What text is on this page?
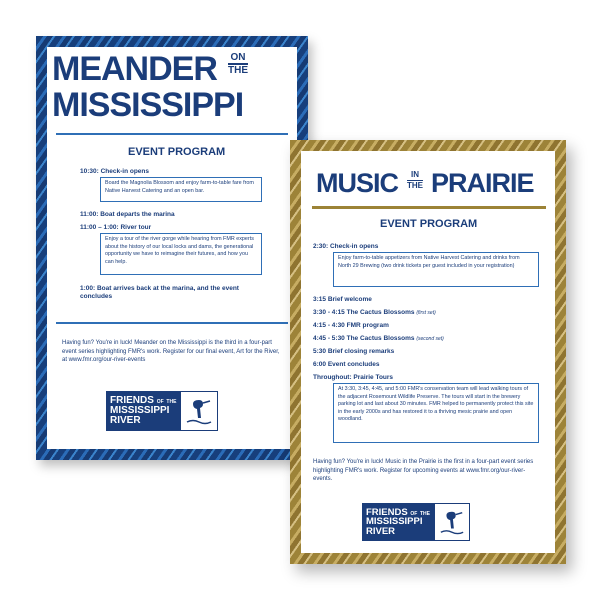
MEANDER ON
THE
MISSISSIPPI
EVENT PROGRAM
10:30: Check-in opens
Board the Magnolia Blossom and enjoy farm-to-table fare from Native Harvest Catering and an open bar.
11:00: Boat departs the marina
11:00 – 1:00: River tour
Enjoy a tour of the river gorge while hearing from FMR experts about the history of our local locks and dams, the generational opportunity we have to reimagine their futures, and how you can help.
1:00: Boat arrives back at the marina, and the event concludes
Having fun? You're in luck! Meander on the Mississippi is the third in a four-part event series highlighting FMR's work. Register for our final event, Art for the River, at www.fmr.org/our-river-events
FRIENDS OF THE
MISSISSIPPI
RIVER
MUSIC	IN
THE PRAIRIE
EVENT PROGRAM
2:30: Check-in opens
Enjoy farm-to-table appetizers from Native Harvest Catering and drinks from North 29 Brewing (two drink tickets per guest included in your registration)
3:15 Brief welcome
3:30 - 4:15 The Cactus Blossoms (first set)
4:15 - 4:30 FMR program
4:45 - 5:30 The Cactus Blossoms (second set)
5:30 Brief closing remarks
6:00 Event concludes
Throughout: Prairie Tours
At 3:30, 3:45, 4:45, and 5:00 FMR's conservation team will lead walking tours of the adjacent Rosemount Wildlife Preserve. The tours will start in the brewery parking lot and last about 30 minutes. FMR helped to permanently protect this site in the early 2000s and has restored it to a thriving mesic prairie and open woodland.
Having fun? You're in luck! Music in the Prairie is the first in a four-part event series highlighting FMR's work. Register for upcoming events at www.fmr.org/our-river-events.
FRIENDS OF THE
MISSISSIPPI
RIVER
